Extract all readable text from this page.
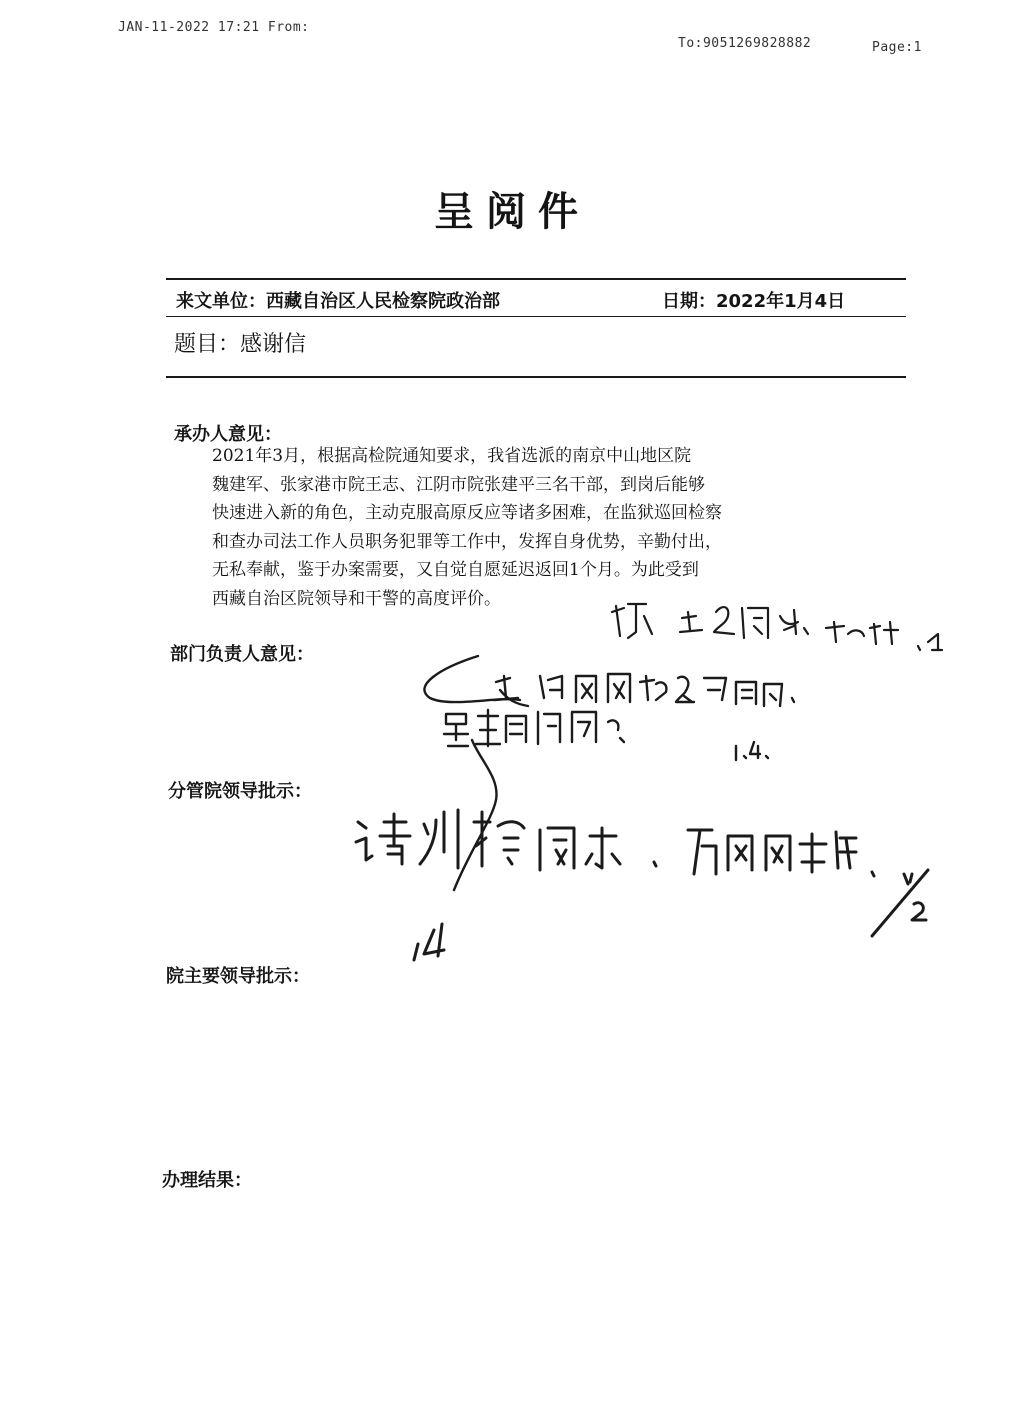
JAN-11-2022 17:21 From:
To:9051269828882	Page:1
呈阅件
来文单位：西藏自治区人民检察院政治部	日期：2022年1月4日
题目：感谢信
承办人意见：
2021年3月，根据高检院通知要求，我省选派的南京中山地区院
魏建军、张家港市院王志、江阴市院张建平三名干部，到岗后能够
快速进入新的角色，主动克服高原反应等诸多困难，在监狱巡回检察
和查办司法工作人员职务犯罪等工作中，发挥自身优势，辛勤付出，
无私奉献，鉴于办案需要，又自觉自愿延迟返回1个月。为此受到
西藏自治区院领导和干警的高度评价。
部门负责人意见：
分管院领导批示：
院主要领导批示：
办理结果：
